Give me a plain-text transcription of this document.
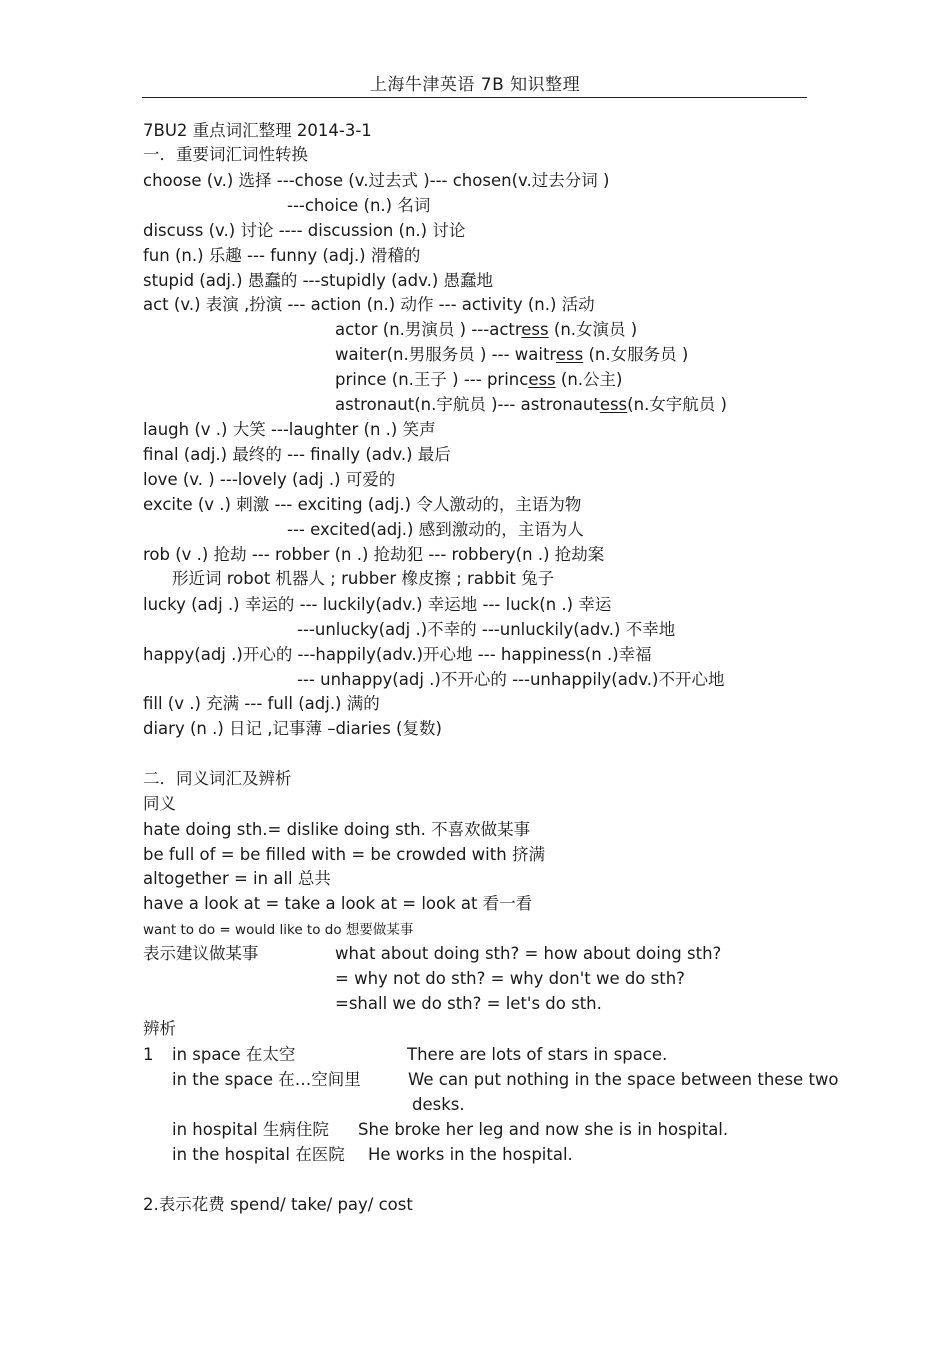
上海牛津英语 7B 知识整理
7BU2 重点词汇整理 2014-3-1
一．重要词汇词性转换
choose (v.) 选择 ---chose (v.过去式 )--- chosen(v.过去分词 )
---choice (n.) 名词
discuss (v.) 讨论 ---- discussion (n.) 讨论
fun (n.) 乐趣 --- funny (adj.) 滑稽的
stupid (adj.) 愚蠢的 ---stupidly (adv.) 愚蠢地
act (v.) 表演 ,扮演 --- action (n.) 动作 --- activity (n.) 活动
actor (n.男演员 ) ---actress (n.女演员 )
waiter(n.男服务员 ) --- waitress (n.女服务员 )
prince (n.王子 ) --- princess (n.公主)
astronaut(n.宇航员 )--- astronautess(n.女宇航员 )
laugh (v .) 大笑 ---laughter (n .) 笑声
final (adj.) 最终的 --- finally (adv.) 最后
love (v. ) ---lovely (adj .) 可爱的
excite (v .) 刺激 --- exciting (adj.) 令人激动的，主语为物
--- excited(adj.) 感到激动的，主语为人
rob (v .) 抢劫 --- robber (n .) 抢劫犯 --- robbery(n .) 抢劫案
形近词 robot 机器人 ; rubber 橡皮擦 ; rabbit 兔子
lucky (adj .) 幸运的 --- luckily(adv.) 幸运地 --- luck(n .) 幸运
---unlucky(adj .)不幸的 ---unluckily(adv.) 不幸地
happy(adj .)开心的 ---happily(adv.)开心地 --- happiness(n .)幸福
--- unhappy(adj .)不开心的 ---unhappily(adv.)不开心地
fill (v .) 充满 --- full (adj.) 满的
diary (n .) 日记 ,记事薄 –diaries (复数)
二．同义词汇及辨析
同义
hate doing sth.= dislike doing sth. 不喜欢做某事
be full of = be filled with = be crowded with 挤满
altogether = in all 总共
have a look at = take a look at = look at 看一看
want to do = would like to do 想要做某事
表示建议做某事	what about doing sth? = how about doing sth?
= why not do sth? = why don't we do sth?
=shall we do sth? = let's do sth.
辨析
1 in space 在太空	There are lots of stars in space.
in the space 在…空间里	We can put nothing in the space between these two
desks.
in hospital 生病住院 She broke her leg and now she is in hospital.
in the hospital 在医院 He works in the hospital.
2.表示花费 spend/ take/ pay/ cost
